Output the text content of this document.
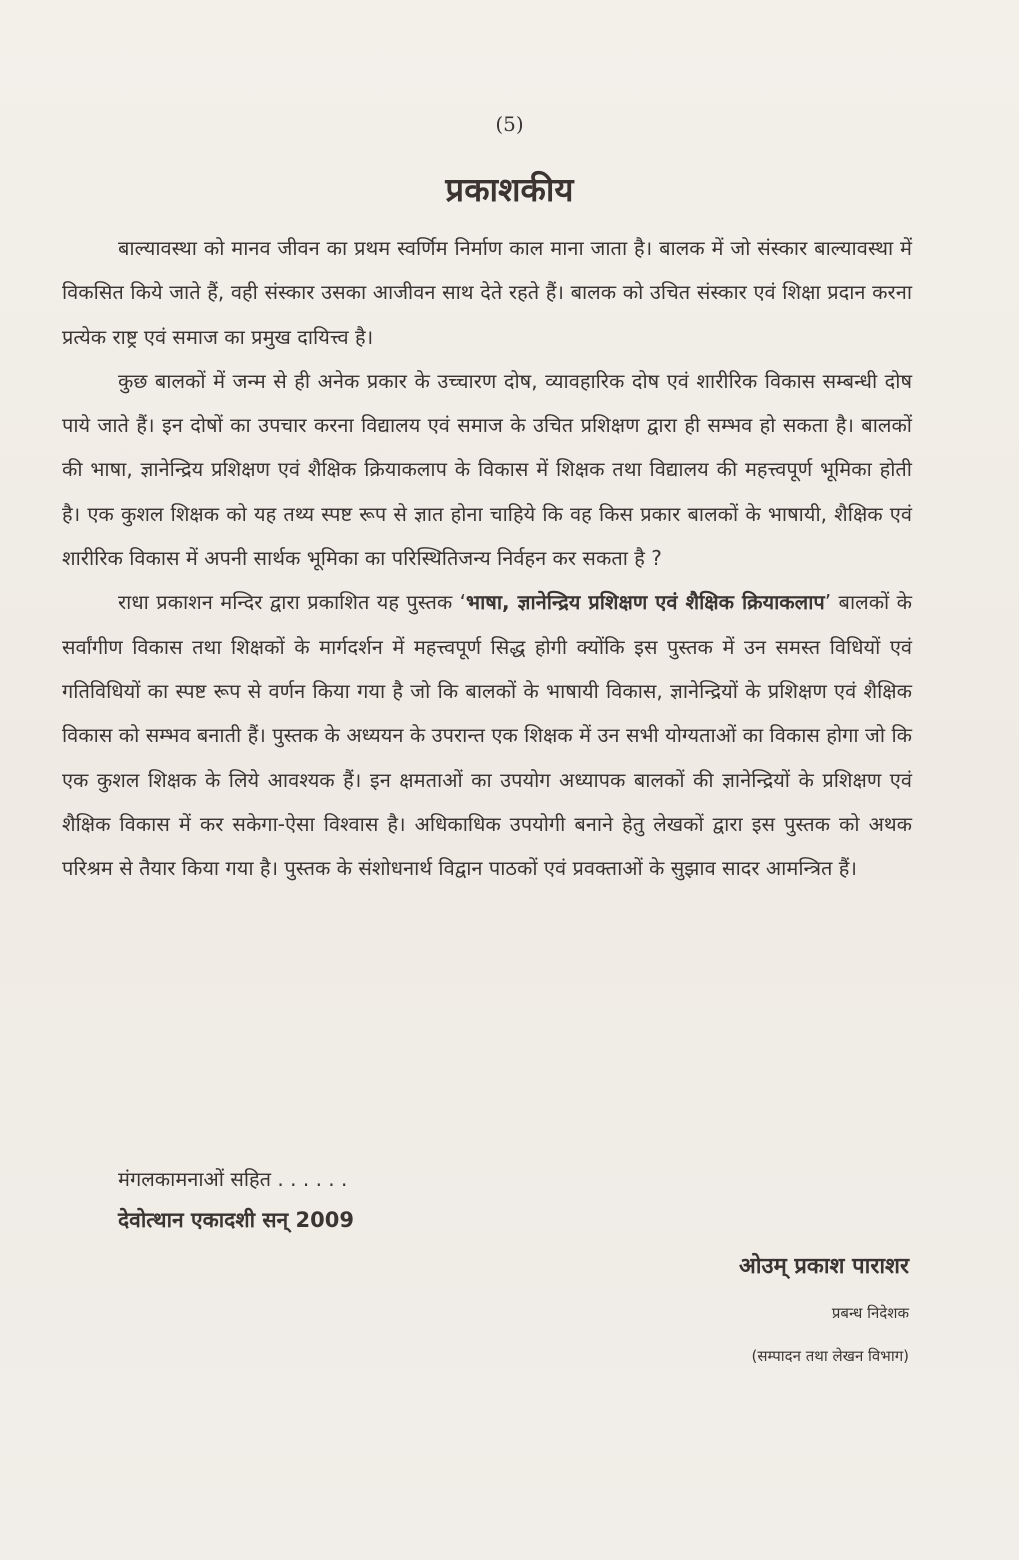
(5)
प्रकाशकीय

बाल्यावस्था को मानव जीवन का प्रथम स्वर्णिम निर्माण काल माना जाता है। बालक में जो संस्कार बाल्यावस्था में विकसित किये जाते हैं, वही संस्कार उसका आजीवन साथ देते रहते हैं। बालक को उचित संस्कार एवं शिक्षा प्रदान करना प्रत्येक राष्ट्र एवं समाज का प्रमुख दायित्त्व है।

कुछ बालकों में जन्म से ही अनेक प्रकार के उच्चारण दोष, व्यावहारिक दोष एवं शारीरिक विकास सम्बन्धी दोष पाये जाते हैं। इन दोषों का उपचार करना विद्यालय एवं समाज के उचित प्रशिक्षण द्वारा ही सम्भव हो सकता है। बालकों की भाषा, ज्ञानेन्द्रिय प्रशिक्षण एवं शैक्षिक क्रियाकलाप के विकास में शिक्षक तथा विद्यालय की महत्त्वपूर्ण भूमिका होती है। एक कुशल शिक्षक को यह तथ्य स्पष्ट रूप से ज्ञात होना चाहिये कि वह किस प्रकार बालकों के भाषायी, शैक्षिक एवं शारीरिक विकास में अपनी सार्थक भूमिका का परिस्थितिजन्य निर्वहन कर सकता है ?

राधा प्रकाशन मन्दिर द्वारा प्रकाशित यह पुस्तक ‘भाषा, ज्ञानेन्द्रिय प्रशिक्षण एवं शैक्षिक क्रियाकलाप’ बालकों के सर्वांगीण विकास तथा शिक्षकों के मार्गदर्शन में महत्त्वपूर्ण सिद्ध होगी क्योंकि इस पुस्तक में उन समस्त विधियों एवं गतिविधियों का स्पष्ट रूप से वर्णन किया गया है जो कि बालकों के भाषायी विकास, ज्ञानेन्द्रियों के प्रशिक्षण एवं शैक्षिक विकास को सम्भव बनाती हैं। पुस्तक के अध्ययन के उपरान्त एक शिक्षक में उन सभी योग्यताओं का विकास होगा जो कि एक कुशल शिक्षक के लिये आवश्यक हैं। इन क्षमताओं का उपयोग अध्यापक बालकों की ज्ञानेन्द्रियों के प्रशिक्षण एवं शैक्षिक विकास में कर सकेगा-ऐसा विश्वास है। अधिकाधिक उपयोगी बनाने हेतु लेखकों द्वारा इस पुस्तक को अथक परिश्रम से तैयार किया गया है। पुस्तक के संशोधनार्थ विद्वान पाठकों एवं प्रवक्ताओं के सुझाव सादर आमन्त्रित हैं।

मंगलकामनाओं सहित . . . . . .
देवोत्थान एकादशी सन् 2009
ओउम् प्रकाश पाराशर
प्रबन्ध निदेशक
(सम्पादन तथा लेखन विभाग)
